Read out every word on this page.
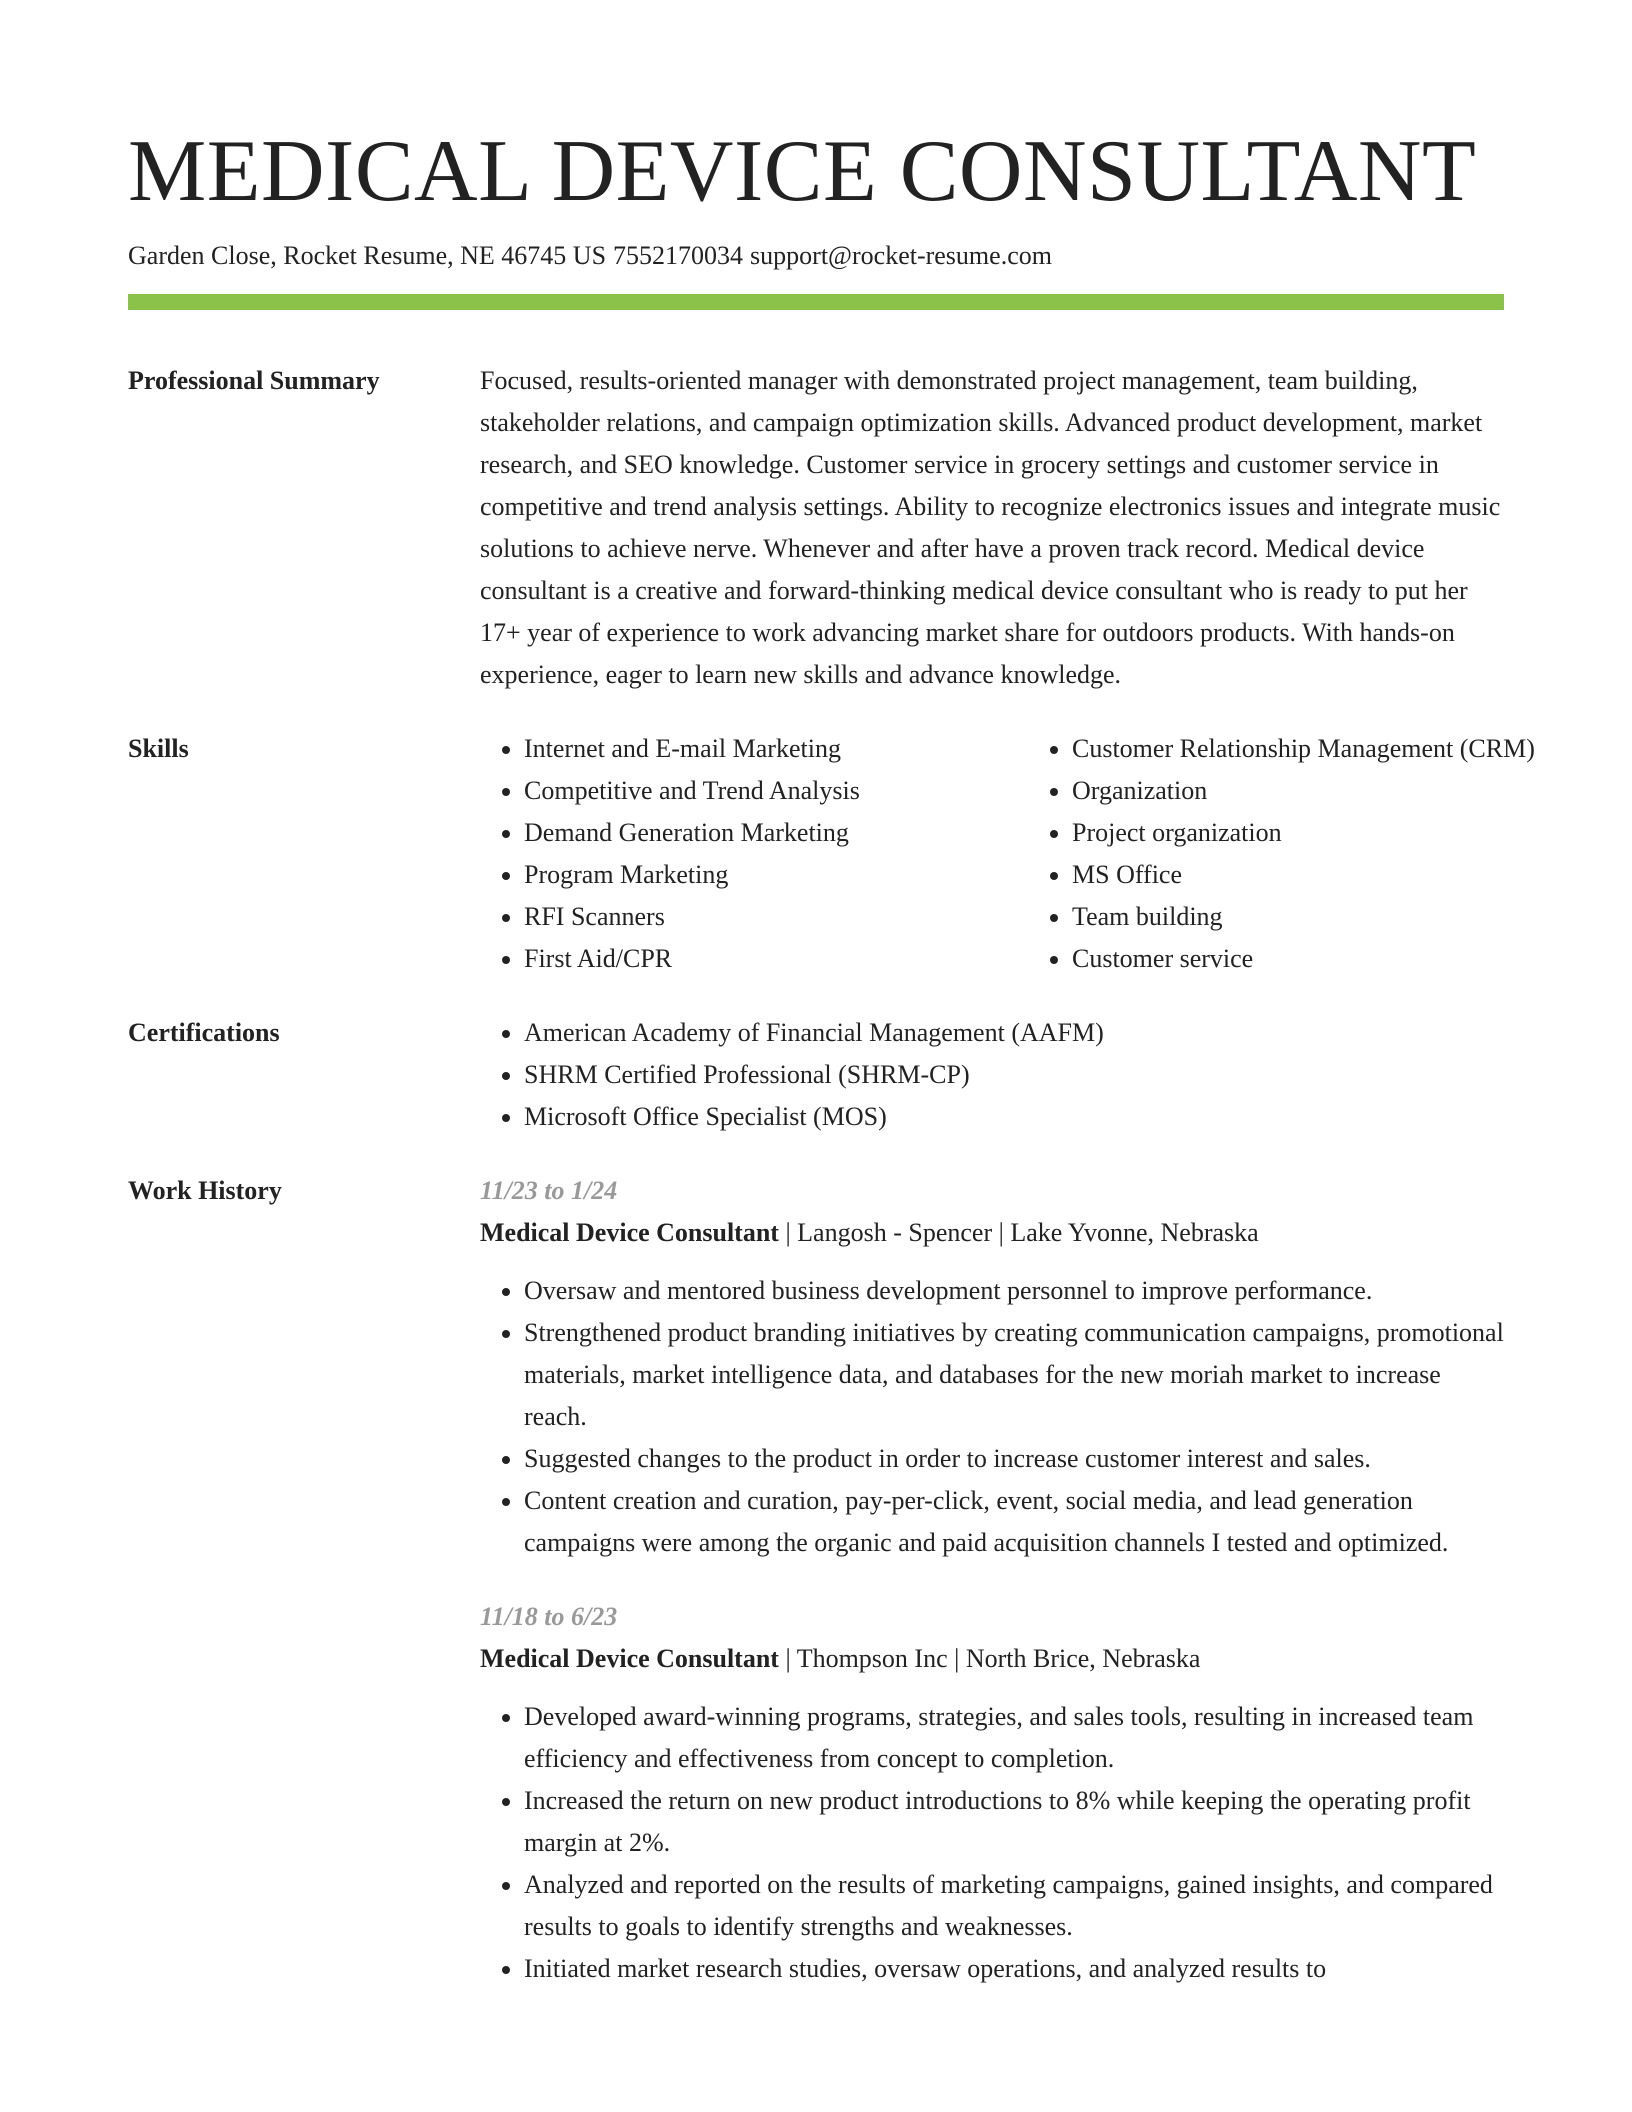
MEDICAL DEVICE CONSULTANT
Garden Close, Rocket Resume, NE 46745 US 7552170034 support@rocket-resume.com
Professional Summary	Focused, results-oriented manager with demonstrated project management, team building, stakeholder relations, and campaign optimization skills. Advanced product development, market research, and SEO knowledge. Customer service in grocery settings and customer service in competitive and trend analysis settings. Ability to recognize electronics issues and integrate music solutions to achieve nerve. Whenever and after have a proven track record. Medical device consultant is a creative and forward-thinking medical device consultant who is ready to put her 17+ year of experience to work advancing market share for outdoors products. With hands-on experience, eager to learn new skills and advance knowledge.

Skills	• Internet and E-mail Marketing
• Competitive and Trend Analysis
• Demand Generation Marketing
• Program Marketing
• RFI Scanners
• First Aid/CPR
• Customer Relationship Management (CRM)
• Organization
• Project organization
• MS Office
• Team building
• Customer service
Certifications	• American Academy of Financial Management (AAFM)
• SHRM Certified Professional (SHRM-CP)
• Microsoft Office Specialist (MOS)
Work History	11/23 to 1/24
Medical Device Consultant | Langosh - Spencer | Lake Yvonne, Nebraska
• Oversaw and mentored business development personnel to improve performance.
• Strengthened product branding initiatives by creating communication campaigns, promotional materials, market intelligence data, and databases for the new moriah market to increase reach.
• Suggested changes to the product in order to increase customer interest and sales.
• Content creation and curation, pay-per-click, event, social media, and lead generation campaigns were among the organic and paid acquisition channels I tested and optimized.
11/18 to 6/23
Medical Device Consultant | Thompson Inc | North Brice, Nebraska
• Developed award-winning programs, strategies, and sales tools, resulting in increased team efficiency and effectiveness from concept to completion.
• Increased the return on new product introductions to 8% while keeping the operating profit margin at 2%.
• Analyzed and reported on the results of marketing campaigns, gained insights, and compared results to goals to identify strengths and weaknesses.
• Initiated market research studies, oversaw operations, and analyzed results to
